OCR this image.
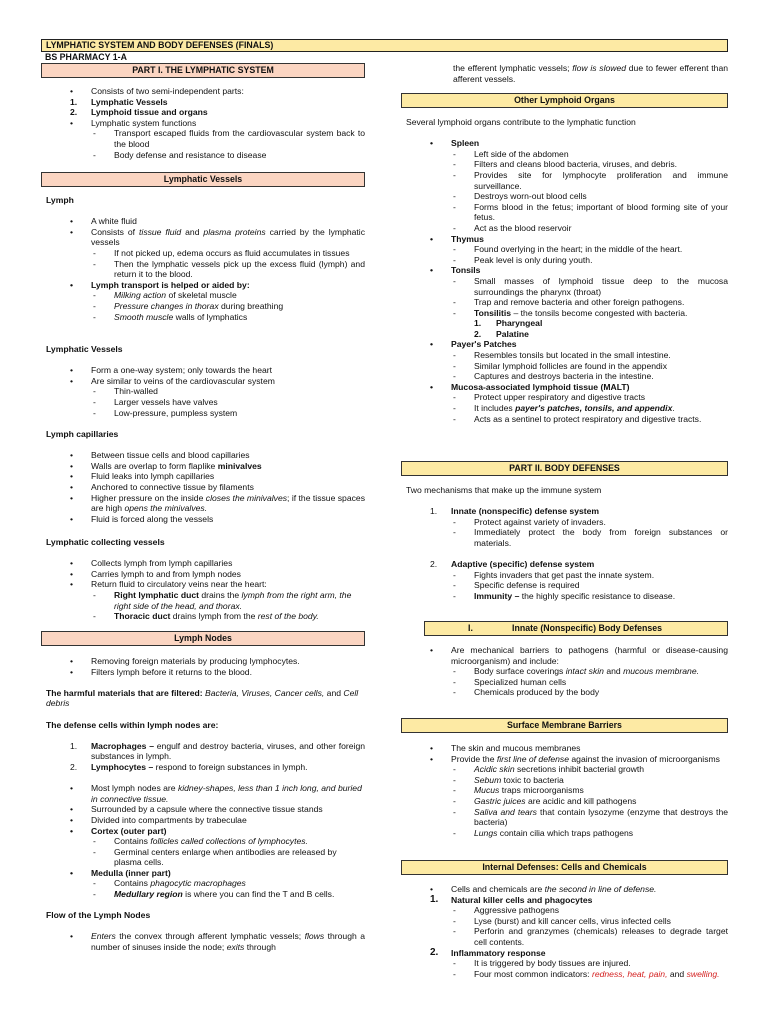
LYMPHATIC SYSTEM AND BODY DEFENSES (FINALS)
BS PHARMACY 1-A
PART I. THE LYMPHATIC SYSTEM
• Consists of two semi-independent parts:
1. Lymphatic Vessels
2. Lymphoid tissue and organs
• Lymphatic system functions
- Transport escaped fluids from the cardiovascular system back to the blood
- Body defense and resistance to disease
Lymphatic Vessels
Lymph
• A white fluid
• Consists of tissue fluid and plasma proteins carried by the lymphatic vessels
- If not picked up, edema occurs as fluid accumulates in tissues
- Then the lymphatic vessels pick up the excess fluid (lymph) and return it to the blood.
• Lymph transport is helped or aided by:
- Milking action of skeletal muscle
- Pressure changes in thorax during breathing
- Smooth muscle walls of lymphatics
Lymphatic Vessels
• Form a one-way system; only towards the heart
• Are similar to veins of the cardiovascular system
- Thin-walled
- Larger vessels have valves
- Low-pressure, pumpless system
Lymph capillaries
• Between tissue cells and blood capillaries
• Walls are overlap to form flaplike minivalves
• Fluid leaks into lymph capillaries
• Anchored to connective tissue by filaments
• Higher pressure on the inside closes the minivalves; if the tissue spaces are high opens the minivalves.
• Fluid is forced along the vessels
Lymphatic collecting vessels
• Collects lymph from lymph capillaries
• Carries lymph to and from lymph nodes
• Return fluid to circulatory veins near the heart:
- Right lymphatic duct drains the lymph from the right arm, the right side of the head, and thorax.
- Thoracic duct drains lymph from the rest of the body.
Lymph Nodes
• Removing foreign materials by producing lymphocytes.
• Filters lymph before it returns to the blood.
The harmful materials that are filtered: Bacteria, Viruses, Cancer cells, and Cell debris
The defense cells within lymph nodes are:
1. Macrophages – engulf and destroy bacteria, viruses, and other foreign substances in lymph.
2. Lymphocytes – respond to foreign substances in lymph.
• Most lymph nodes are kidney-shapes, less than 1 inch long, and buried in connective tissue.
• Surrounded by a capsule where the connective tissue stands
• Divided into compartments by trabeculae
• Cortex (outer part)
- Contains follicles called collections of lymphocytes.
- Germinal centers enlarge when antibodies are released by plasma cells.
• Medulla (inner part)
- Contains phagocytic macrophages
- Medullary region is where you can find the T and B cells.
Flow of the Lymph Nodes
• Enters the convex through afferent lymphatic vessels; flows through a number of sinuses inside the node; exits through
the efferent lymphatic vessels; flow is slowed due to fewer efferent than afferent vessels.
Other Lymphoid Organs
Several lymphoid organs contribute to the lymphatic function
• Spleen
- Left side of the abdomen
- Filters and cleans blood bacteria, viruses, and debris.
- Provides site for lymphocyte proliferation and immune surveillance.
- Destroys worn-out blood cells
- Forms blood in the fetus; important of blood forming site of your fetus.
- Act as the blood reservoir
• Thymus
- Found overlying in the heart; in the middle of the heart.
- Peak level is only during youth.
• Tonsils
- Small masses of lymphoid tissue deep to the mucosa surroundings the pharynx (throat)
- Trap and remove bacteria and other foreign pathogens.
- Tonsilitis – the tonsils become congested with bacteria.
1. Pharyngeal
2. Palatine
• Payer's Patches
- Resembles tonsils but located in the small intestine.
- Similar lymphoid follicles are found in the appendix
- Captures and destroys bacteria in the intestine.
• Mucosa-associated lymphoid tissue (MALT)
- Protect upper respiratory and digestive tracts
- It includes payer's patches, tonsils, and appendix.
- Acts as a sentinel to protect respiratory and digestive tracts.
PART II. BODY DEFENSES
Two mechanisms that make up the immune system
1. Innate (nonspecific) defense system
- Protect against variety of invaders.
- Immediately protect the body from foreign substances or materials.
2. Adaptive (specific) defense system
- Fights invaders that get past the innate system.
- Specific defense is required
- Immunity – the highly specific resistance to disease.
I.	Innate (Nonspecific) Body Defenses
• Are mechanical barriers to pathogens (harmful or disease-causing microorganism) and include:
- Body surface coverings intact skin and mucous membrane.
- Specialized human cells
- Chemicals produced by the body
Surface Membrane Barriers
• The skin and mucous membranes
• Provide the first line of defense against the invasion of microorganisms
- Acidic skin secretions inhibit bacterial growth
- Sebum toxic to bacteria
- Mucus traps microorganisms
- Gastric juices are acidic and kill pathogens
- Saliva and tears that contain lysozyme (enzyme that destroys the bacteria)
- Lungs contain cilia which traps pathogens
Internal Defenses: Cells and Chemicals
• Cells and chemicals are the second in line of defense.
1. Natural killer cells and phagocytes
- Aggressive pathogens
- Lyse (burst) and kill cancer cells, virus infected cells
- Perforin and granzymes (chemicals) releases to degrade target cell contents.
2. Inflammatory response
- It is triggered by body tissues are injured.
- Four most common indicators: redness, heat, pain, and swelling.
